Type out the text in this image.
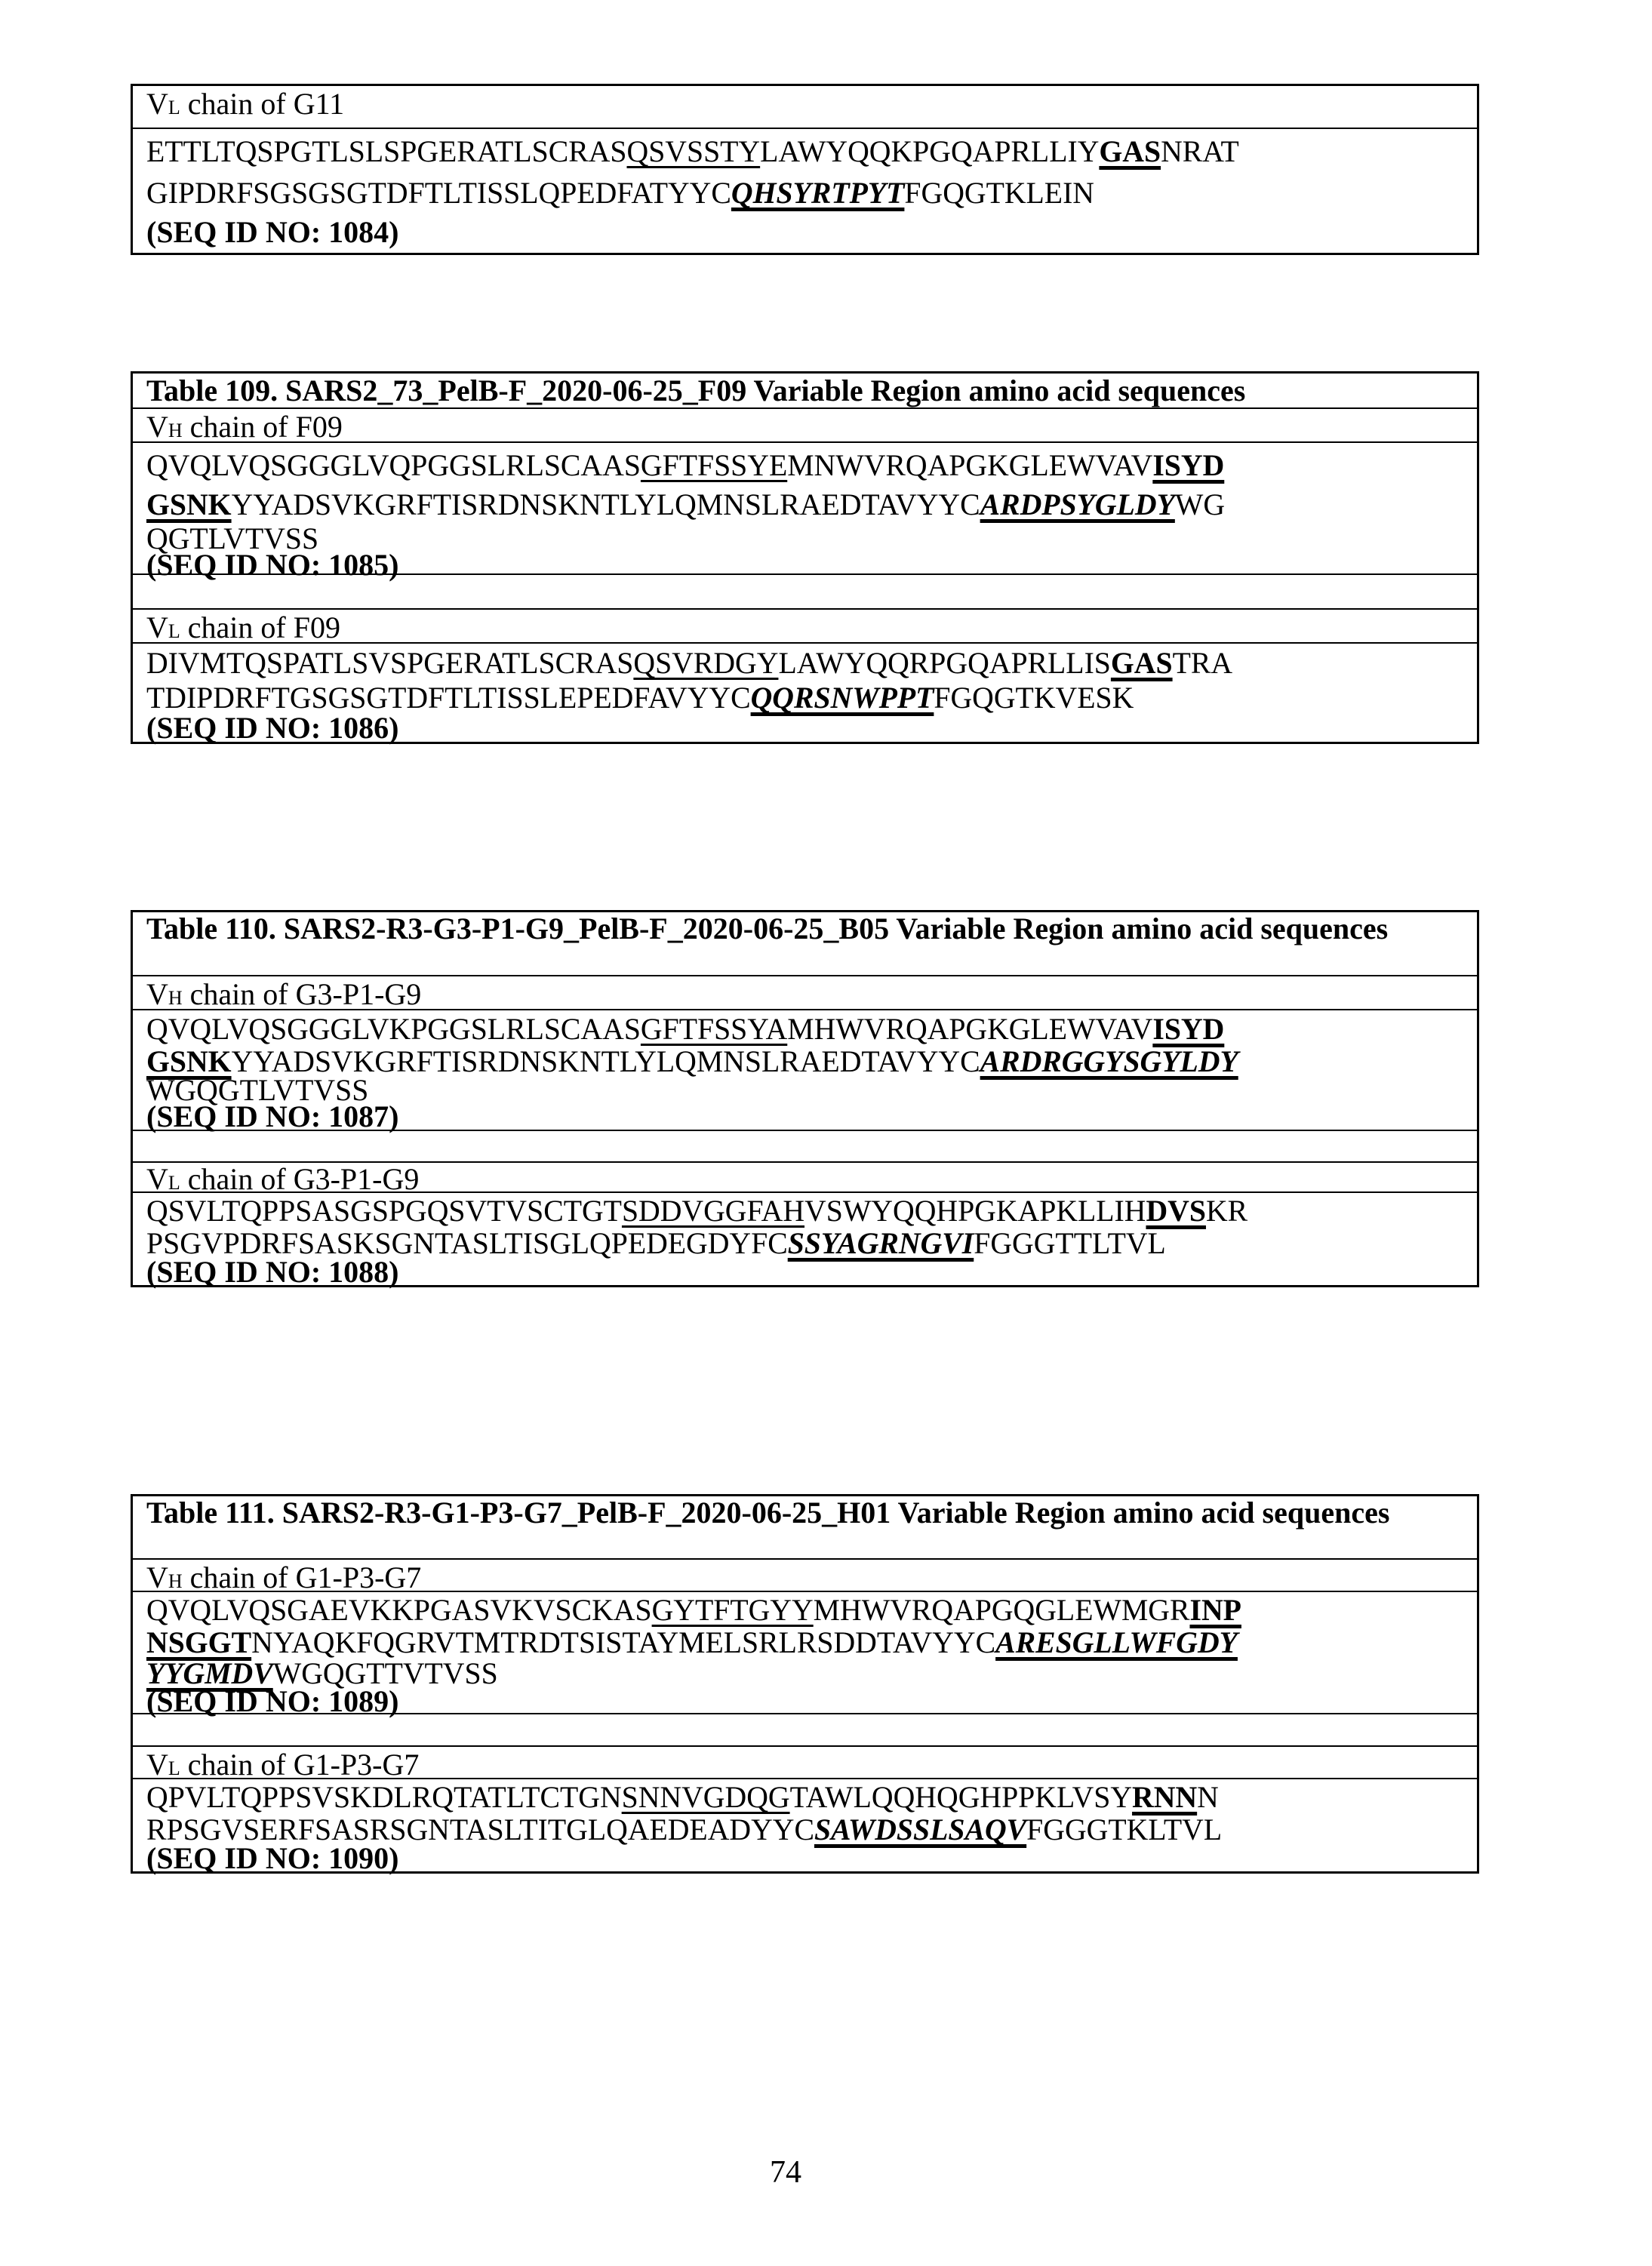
VL chain of G11
ETTLTQSPGTLSLSPGERATLSCRASQSVSSTYLAWYQQKPGQAPRLLIYGASNRAT
GIPDRFSGSGSGTDFTLTISSLQPEDFATYYCQHSYRTPYTFGQGTKLEIN
(SEQ ID NO: 1084)
Table 109. SARS2_73_PelB-F_2020-06-25_F09 Variable Region amino acid sequences
VH chain of F09
QVQLVQSGGGLVQPGGSLRLSCAASGFTFSSYEMNWVRQAPGKGLEWVAVISYD
GSNKYYADSVKGRFTISRDNSKNTLYLQMNSLRAEDTAVYYCARDPSYGLDYWG
QGTLVTVSS
(SEQ ID NO: 1085)
VL chain of F09
DIVMTQSPATLSVSPGERATLSCRASQSVRDGYLAWYQQRPGQAPRLLISGASTRA
TDIPDRFTGSGSGTDFTLTISSLEPEDFAVYYCQQRSNWPPTFGQGTKVESK
(SEQ ID NO: 1086)
Table 110. SARS2-R3-G3-P1-G9_PelB-F_2020-06-25_B05 Variable Region amino acid sequences
VH chain of G3-P1-G9
QVQLVQSGGGLVKPGGSLRLSCAASGFTFSSYAMHWVRQAPGKGLEWVAVISYD
GSNKYYADSVKGRFTISRDNSKNTLYLQMNSLRAEDTAVYYCARDRGGYSGYLDY
WGQGTLVTVSS
(SEQ ID NO: 1087)
VL chain of G3-P1-G9
QSVLTQPPSASGSPGQSVTVSCTGTSDDVGGFAHVSWYQQHPGKAPKLLIHDVSKR
PSGVPDRFSASKSGNTASLTISGLQPEDEGDYFCSSYAGRNGVIFGGGTTLTVL
(SEQ ID NO: 1088)
Table 111. SARS2-R3-G1-P3-G7_PelB-F_2020-06-25_H01 Variable Region amino acid sequences
VH chain of G1-P3-G7
QVQLVQSGAEVKKPGASVKVSCKASGYTFTGYYMHWVRQAPGQGLEWMGRINP
NSGGTNYAQKFQGRVTMTRDTSISTAYMELSRLRSDDTAVYYCARESGLLWFGDY
YYGMDVWGQGTTVTVSS
(SEQ ID NO: 1089)
VL chain of G1-P3-G7
QPVLTQPPSVSKDLRQTATLTCTGNSNNVGDQGTAWLQQHQGHPPKLVSYRNNN
RPSGVSERFSASRSGNTASLTITGLQAEDEADYYCSAWDSSLSAQVFGGGTKLTVL
(SEQ ID NO: 1090)
74
